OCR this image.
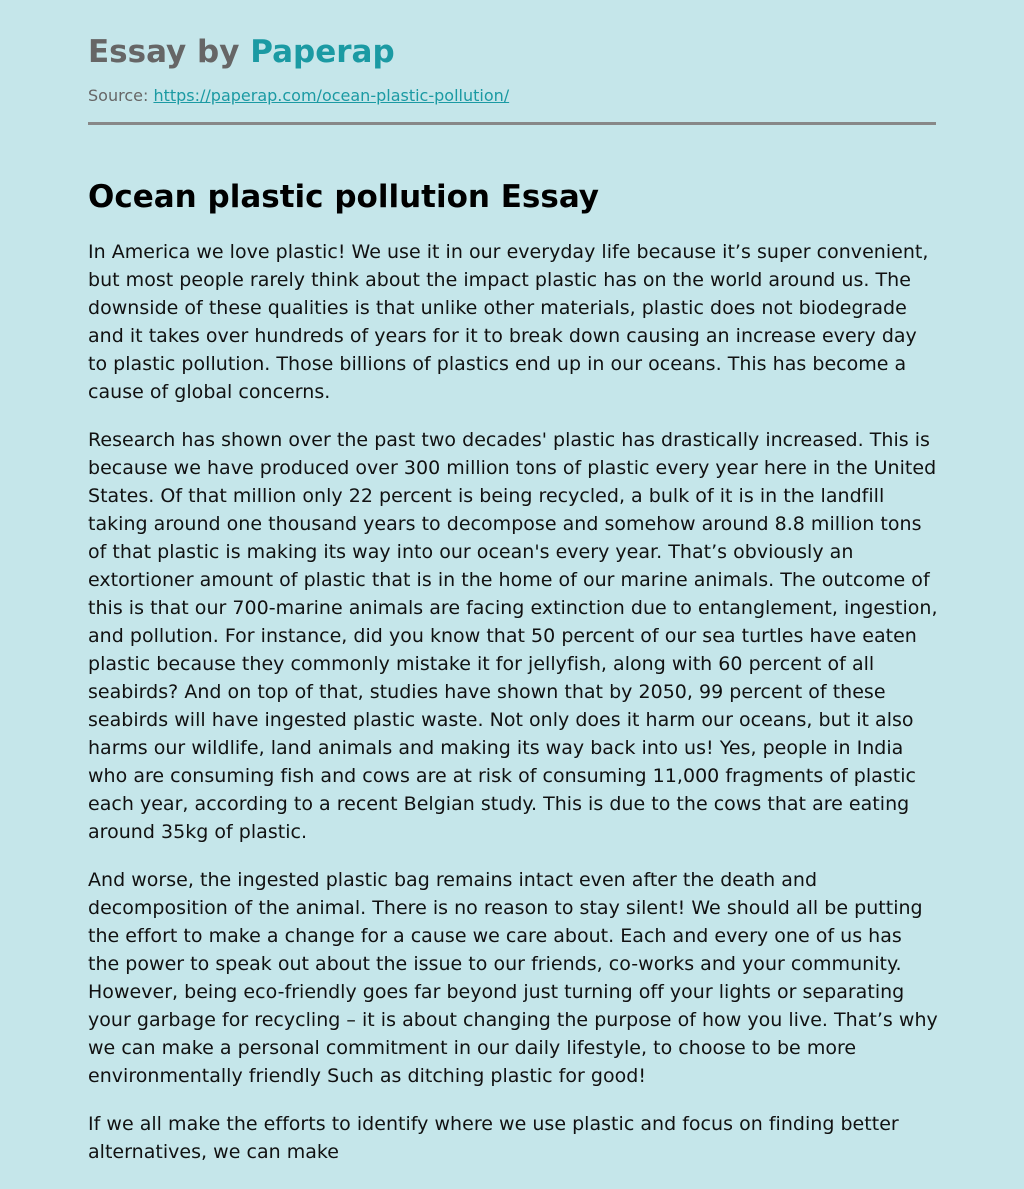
Essay by Paperap
Source: https://paperap.com/ocean-plastic-pollution/
Ocean plastic pollution Essay

In America we love plastic! We use it in our everyday life because it’s super convenient, but most people rarely think about the impact plastic has on the world around us. The downside of these qualities is that unlike other materials, plastic does not biodegrade and it takes over hundreds of years for it to break down causing an increase every day to plastic pollution. Those billions of plastics end up in our oceans. This has become a cause of global concerns.

Research has shown over the past two decades' plastic has drastically increased. This is because we have produced over 300 million tons of plastic every year here in the United States. Of that million only 22 percent is being recycled, a bulk of it is in the landfill taking around one thousand years to decompose and somehow around 8.8 million tons of that plastic is making its way into our ocean's every year. That’s obviously an extortioner amount of plastic that is in the home of our marine animals. The outcome of this is that our 700-marine animals are facing extinction due to entanglement, ingestion, and pollution. For instance, did you know that 50 percent of our sea turtles have eaten plastic because they commonly mistake it for jellyfish, along with 60 percent of all seabirds? And on top of that, studies have shown that by 2050, 99 percent of these seabirds will have ingested plastic waste. Not only does it harm our oceans, but it also harms our wildlife, land animals and making its way back into us! Yes, people in India who are consuming fish and cows are at risk of consuming 11,000 fragments of plastic each year, according to a recent Belgian study. This is due to the cows that are eating around 35kg of plastic.

And worse, the ingested plastic bag remains intact even after the death and decomposition of the animal. There is no reason to stay silent! We should all be putting the effort to make a change for a cause we care about. Each and every one of us has the power to speak out about the issue to our friends, co-works and your community. However, being eco-friendly goes far beyond just turning off your lights or separating your garbage for recycling – it is about changing the purpose of how you live. That’s why we can make a personal commitment in our daily lifestyle, to choose to be more environmentally friendly Such as ditching plastic for good!

If we all make the efforts to identify where we use plastic and focus on finding better alternatives, we can make
